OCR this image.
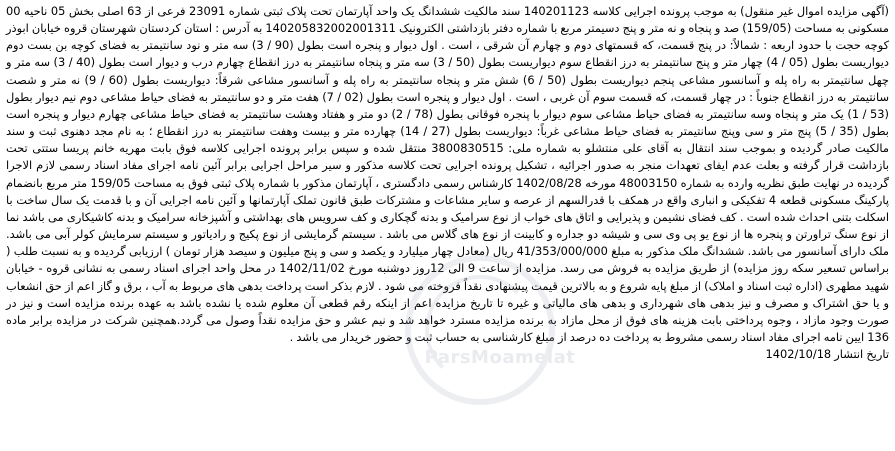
(آگهی مزایده اموال غیر منقول) به موجب پرونده اجرایی کلاسه 140201123 سند مالکیت ششدانگ یک واحد آپارتمان تحت پلاک ثبتی شماره 23091 فرعی از 63 اصلی بخش 05 ناحیه 00 مسکونی به مساحت (159/05) صد و پنجاه و نه متر و پنج دسیمتر مربع با شماره دفتر بازداشتی الکترونیک 140205832002001311 به آدرس : استان کردستان شهرستان قروه خیابان ابوذر کوچه حجت با حدود اربعه : شمالاً: در پنج قسمت، که قسمتهای دوم و چهارم آن شرقی ، است . اول دیوار و پنجره است بطول (90 / 3) سه متر و نود سانتیمتر به فضای کوچه بن بست دوم دیواریست بطول (05 / 4) چهار متر و پنج سانتیمتر به درز انقطاع سوم دیواریست بطول (50 / 3) سه متر و پنجاه سانتیمتر به درز انقطاع چهارم درب و دیوار است بطول (40 / 3) سه متر و چهل سانتیمتر به راه پله و آسانسور مشاعی پنجم دیواریست بطول (50 / 6) شش متر و پنجاه سانتیمتر به راه پله و آسانسور مشاعی شرقاً: دیواریست بطول (60 / 9) نه متر و شصت سانتیمتر به درز انقطاع جنوباً : در چهار قسمت، که قسمت سوم آن غربی ، است . اول دیوار و پنجره است بطول (02 / 7) هفت متر و دو سانتیمتر به فضای حیاط مشاعی دوم نیم دیوار بطول (53 / 1) یک متر و پنجاه وسه سانتیمتر به فضای حیاط مشاعی سوم دیوار با پنجره فوقانی بطول (78 / 2) دو متر و هفتاد وهشت سانتیمتر به فضای حیاط مشاعی چهارم دیوار و پنجره است بطول (35 / 5) پنج متر و سی وپنج سانتیمتر به فضای حیاط مشاعی غرباً: دیواریست بطول (27 / 14) چهارده متر و بیست وهفت سانتیمتر به درز انقطاع ؛ به نام مجد دهنوی ثبت و سند مالکیت صادر گردیده و بموجب سند انتقال به آقای علی منتشلو به شماره ملی: 3800830515 منتقل شده و سپس برابر پرونده اجرایی کلاسه فوق بابت مهریه خانم پریسا ستتی تحت بازداشت قرار گرفته و بعلت عدم ایفای تعهدات منجر به صدور اجرائیه ، تشکیل پرونده اجرایی تحت کلاسه مذکور و سیر مراحل اجرایی برابر آئین نامه اجرای مفاد اسناد رسمی لازم الاجرا گردیده در نهایت طبق نظریه وارده به شماره 48003150 مورخه 1402/08/28 کارشناس رسمی دادگستری ، آپارتمان مذکور با شماره پلاک ثبتی فوق به مساحت 159/05 متر مربع بانضمام پارکینگ مسکونی قطعه 4 تفکیکی و انباری واقع در همکف با قدرالسهم از عرصه و سایر مشاعات و مشترکات طبق قانون تملک آپارتمانها و آئین نامه اجرایی آن و با قدمت یک سال ساخت با اسکلت بتنی احداث شده است . کف فضای نشیمن و پذیرایی و اتاق های خواب از نوع سرامیک و بدنه گچکاری و کف سرویس های بهداشتی و آشپزخانه سرامیک و بدنه کاشیکاری می باشد نما از نوع سنگ تراورتن و پنجره ها از نوع یو پی وی سی و شیشه دو جداره و کابینت از نوع های گلاس می باشد . سیستم گرمایشی از نوع پکیج و رادیاتور و سیستم سرمایش کولر آبی می باشد. ملک دارای آسانسور می باشد. ششدانگ ملک مذکور به مبلغ 41/353/000/000 ریال (معادل چهار میلیارد و یکصد و سی و پنج میلیون و سیصد هزار تومان ) ارزیابی گردیده و به نسبت طلب ( براساس تسعیر سکه روز مزایده) از طریق مزایده به فروش می رسد. مزایده از ساعت 9 الی 12روز دوشنبه مورخ 1402/11/02 در محل واحد اجرای اسناد رسمی به نشانی قروه - خیابان شهید مطهری (اداره ثبت اسناد و املاک) از مبلغ پایه شروع و به بالاترین قیمت پیشنهادی نقداً فروخته می شود . لازم بذکر است پرداخت بدهی های مربوط به آب ، برق و گاز اعم از حق انشعاب و یا حق اشتراک و مصرف و نیز بدهی های شهرداری و بدهی های مالیاتی و غیره تا تاریخ مزایده اعم از اینکه رقم قطعی آن معلوم شده یا نشده باشد به عهده برنده مزایده است و نیز در صورت وجود مازاد ، وجوه پرداختی بابت هزینه های فوق از محل مازاد به برنده مزایده مسترد خواهد شد و نیم عشر و حق مزایده نقداً وصول می گردد.همچنین شرکت در مزایده برابر ماده 136 ایین نامه اجرای مفاد اسناد رسمی مشروط به پرداخت ده درصد از مبلغ کارشناسی به حساب ثبت و حضور خریدار می باشد .

تاریخ انتشار 1402/10/18
ParsMoamelat
